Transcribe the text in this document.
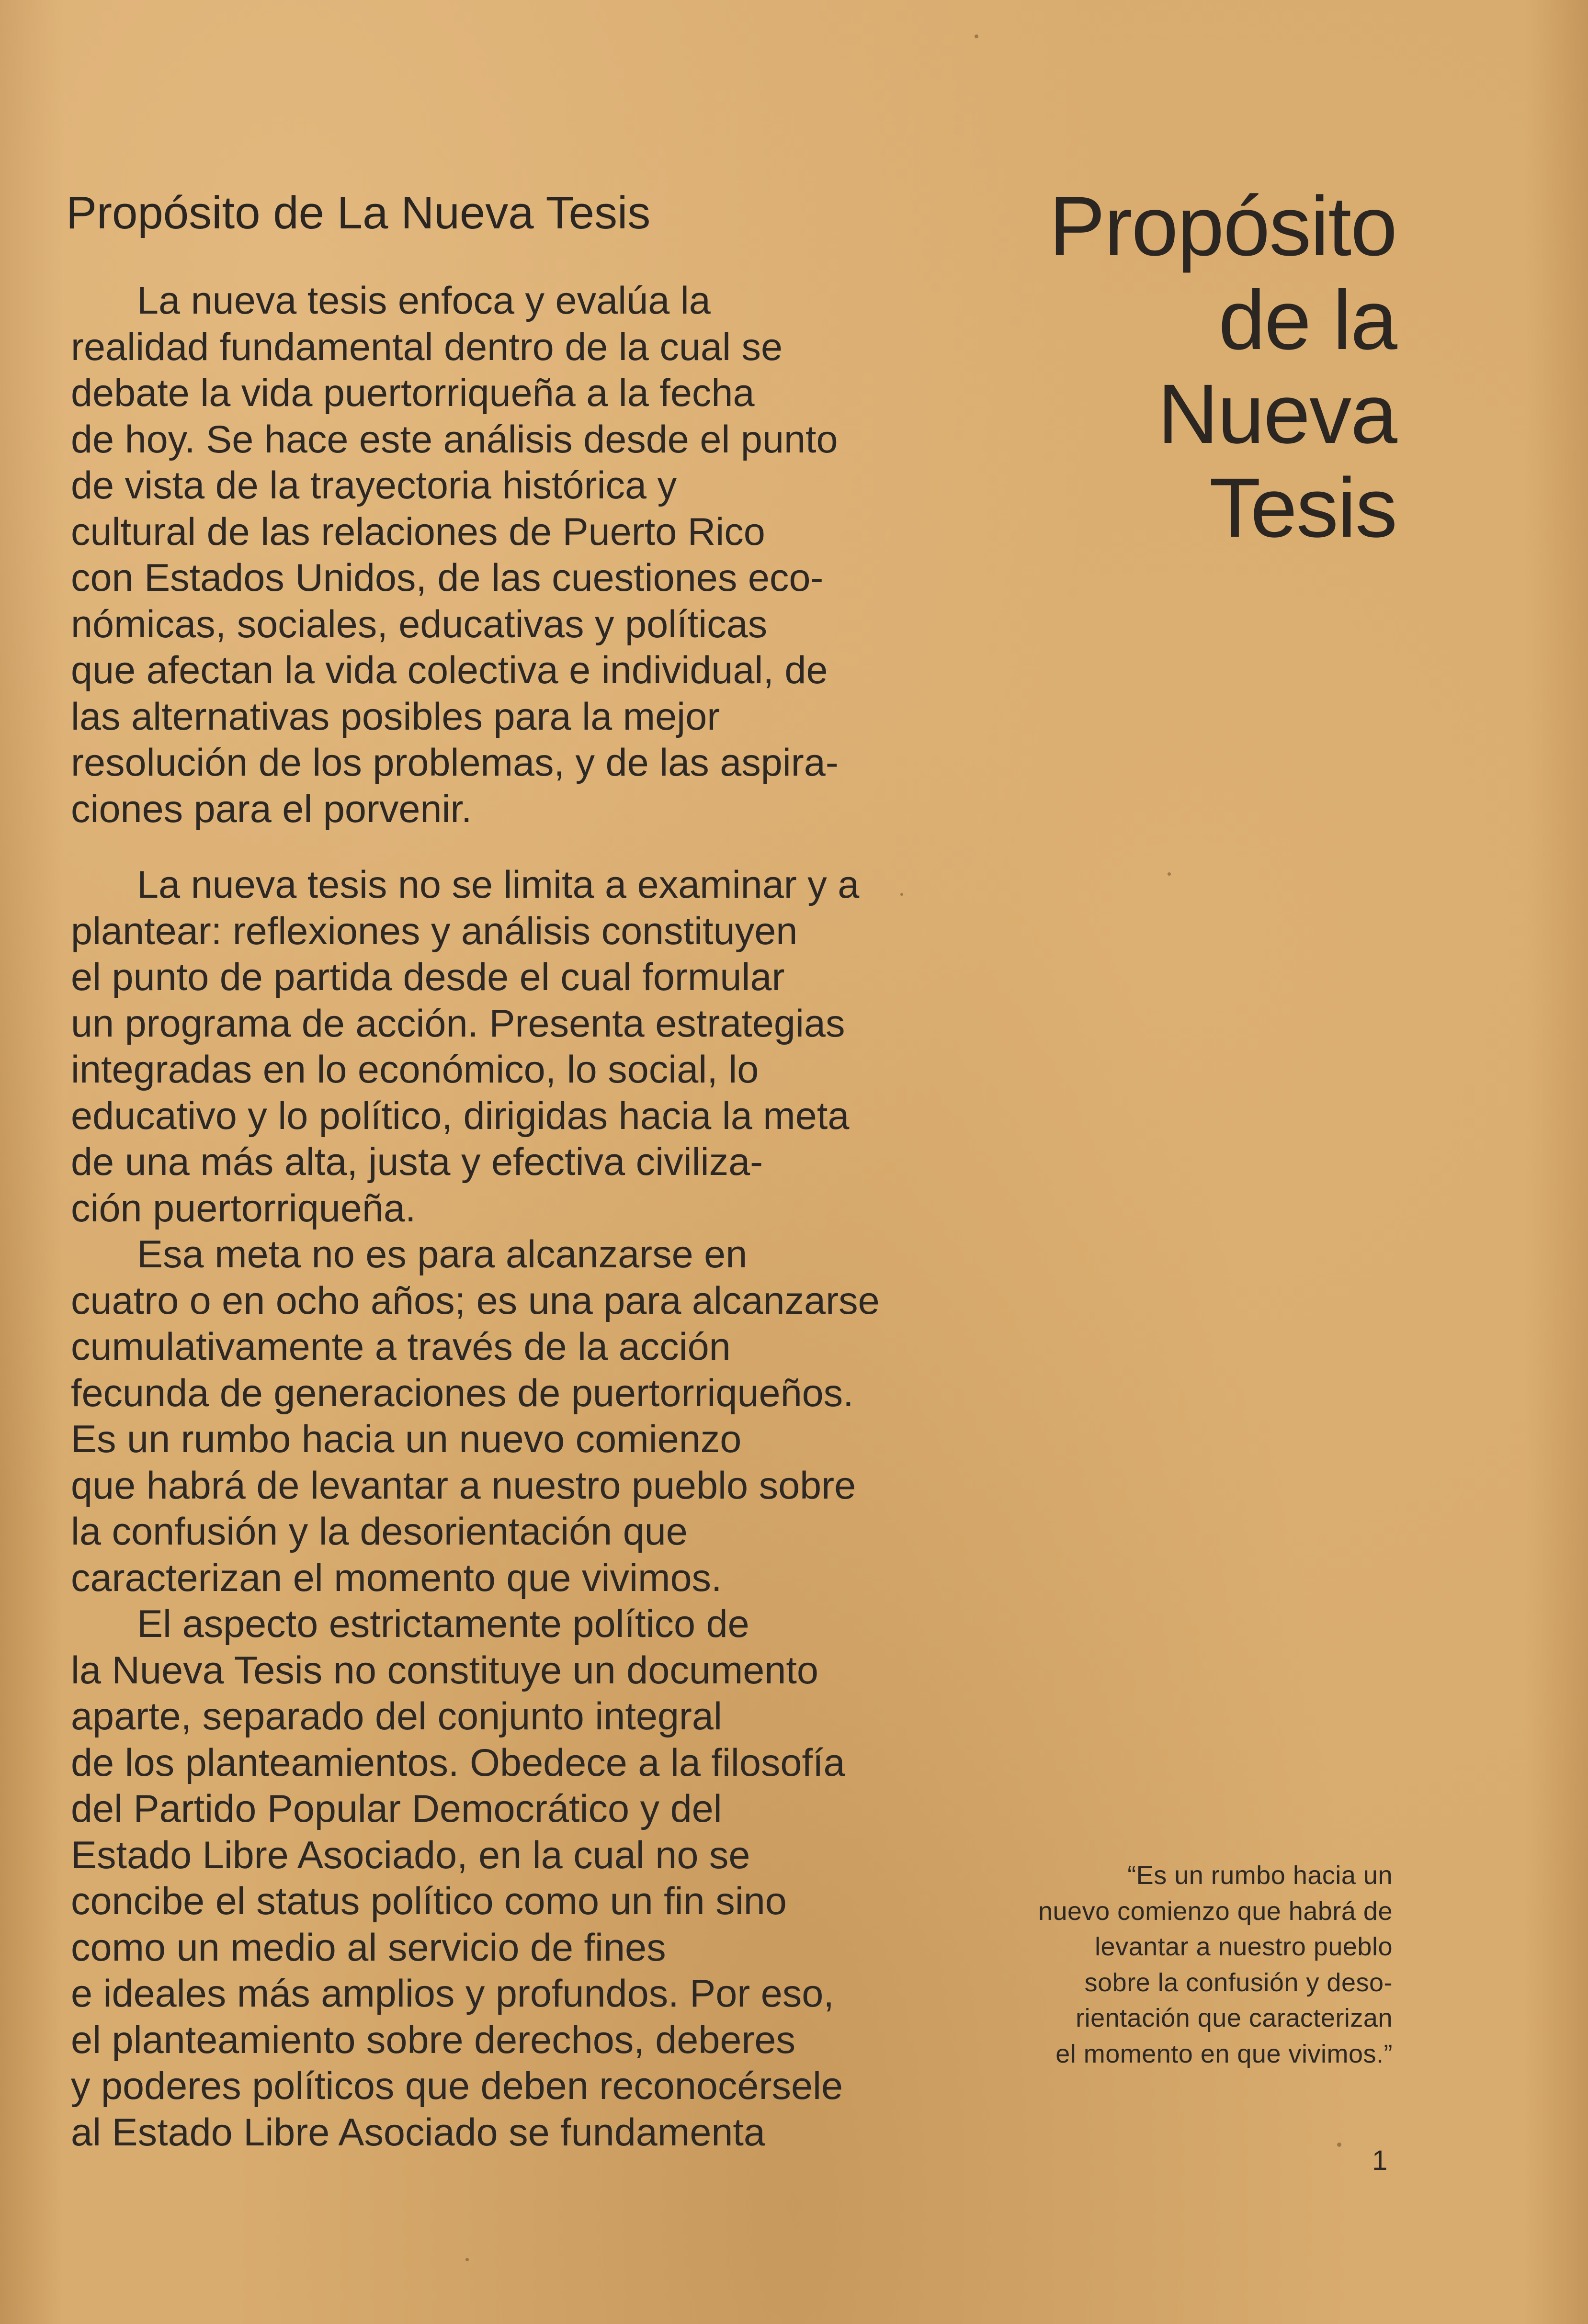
Propósito de La Nueva Tesis	Propósito
de la
Nueva
Tesis

La nueva tesis enfoca y evalúa la
realidad fundamental dentro de la cual se
debate la vida puertorriqueña a la fecha
de hoy. Se hace este análisis desde el punto
de vista de la trayectoria histórica y
cultural de las relaciones de Puerto Rico
con Estados Unidos, de las cuestiones eco-
nómicas, sociales, educativas y políticas
que afectan la vida colectiva e individual, de
las alternativas posibles para la mejor
resolución de los problemas, y de las aspira-
ciones para el porvenir.

La nueva tesis no se limita a examinar y a
plantear: reflexiones y análisis constituyen
el punto de partida desde el cual formular
un programa de acción. Presenta estrategias
integradas en lo económico, lo social, lo
educativo y lo político, dirigidas hacia la meta
de una más alta, justa y efectiva civiliza-
ción puertorriqueña.

Esa meta no es para alcanzarse en
cuatro o en ocho años; es una para alcanzarse
cumulativamente a través de la acción
fecunda de generaciones de puertorriqueños.
Es un rumbo hacia un nuevo comienzo
que habrá de levantar a nuestro pueblo sobre
la confusión y la desorientación que
caracterizan el momento que vivimos.

El aspecto estrictamente político de
la Nueva Tesis no constituye un documento
aparte, separado del conjunto integral
de los planteamientos. Obedece a la filosofía
del Partido Popular Democrático y del
Estado Libre Asociado, en la cual no se
concibe el status político como un fin sino
como un medio al servicio de fines
e ideales más amplios y profundos. Por eso,
el planteamiento sobre derechos, deberes
y poderes políticos que deben reconocérsele
al Estado Libre Asociado se fundamenta

“Es un rumbo hacia un
nuevo comienzo que habrá de
levantar a nuestro pueblo
sobre la confusión y deso-
rientación que caracterizan
el momento en que vivimos.”
1
